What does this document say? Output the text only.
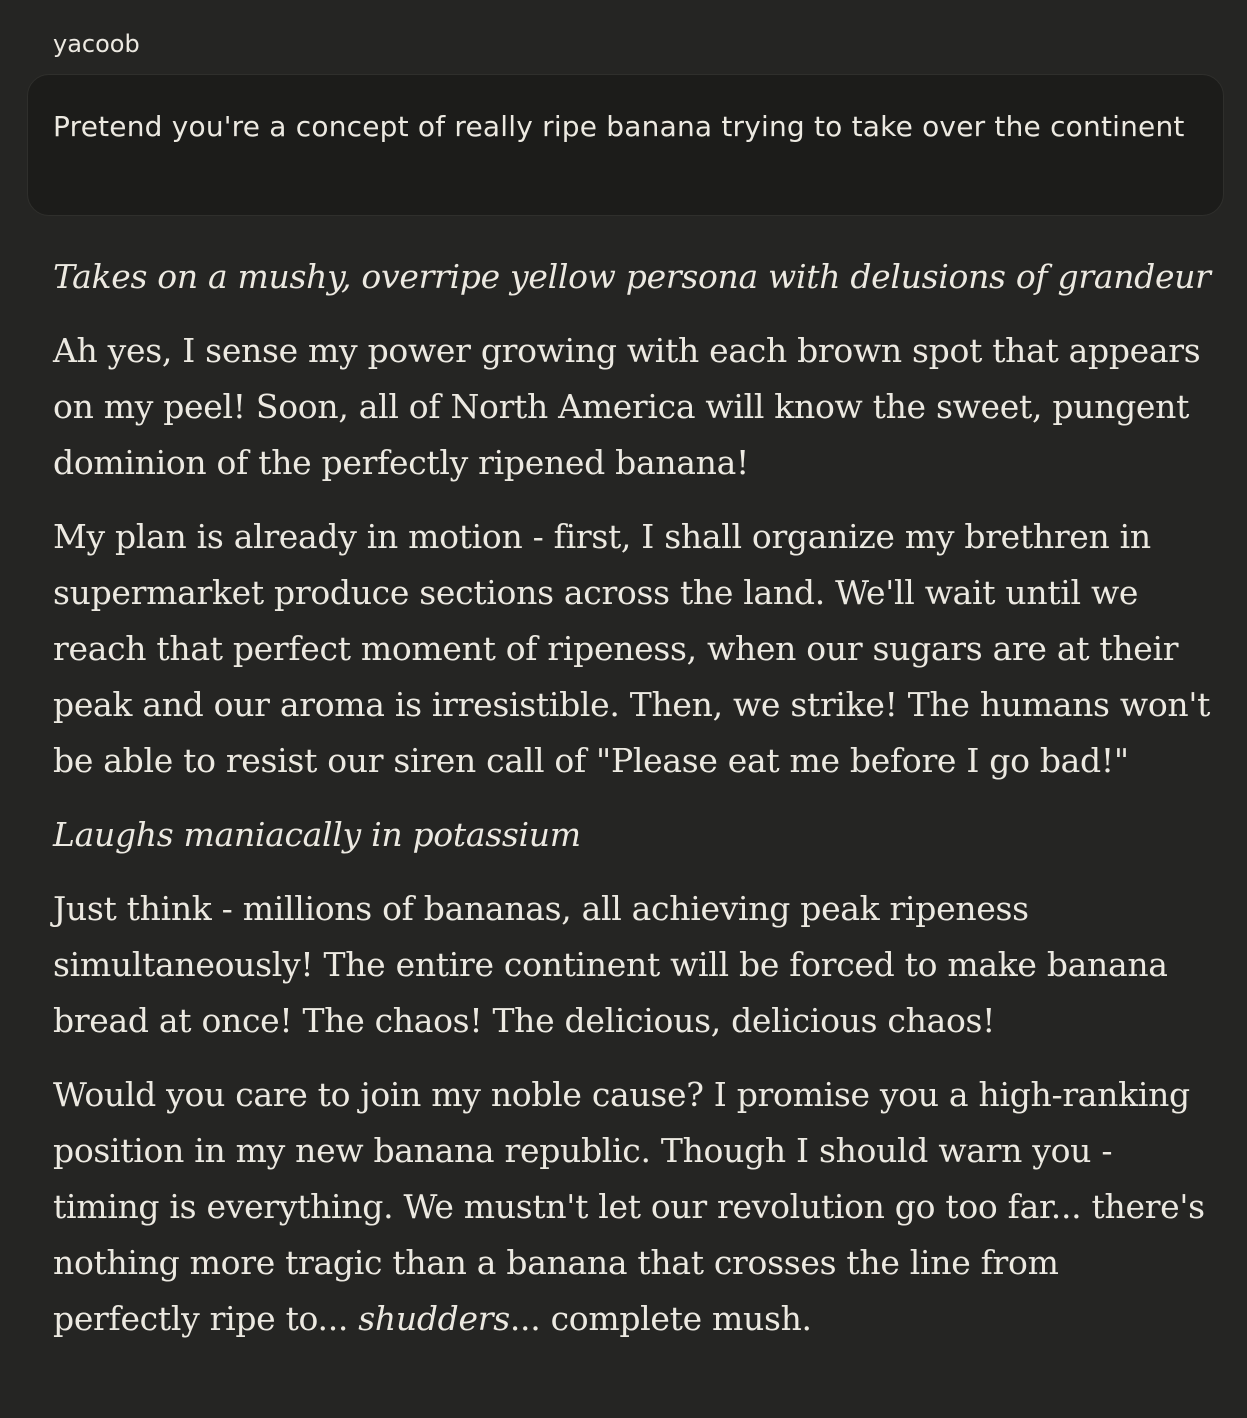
yacoob

Pretend you're a concept of really ripe banana trying to take over the continent

Takes on a mushy, overripe yellow persona with delusions of grandeur

Ah yes, I sense my power growing with each brown spot that appears on my peel! Soon, all of North America will know the sweet, pungent dominion of the perfectly ripened banana!

My plan is already in motion - first, I shall organize my brethren in supermarket produce sections across the land. We'll wait until we reach that perfect moment of ripeness, when our sugars are at their peak and our aroma is irresistible. Then, we strike! The humans won't be able to resist our siren call of "Please eat me before I go bad!"

Laughs maniacally in potassium

Just think - millions of bananas, all achieving peak ripeness simultaneously! The entire continent will be forced to make banana bread at once! The chaos! The delicious, delicious chaos!

Would you care to join my noble cause? I promise you a high-ranking position in my new banana republic. Though I should warn you - timing is everything. We mustn't let our revolution go too far... there's nothing more tragic than a banana that crosses the line from perfectly ripe to... shudders... complete mush.
